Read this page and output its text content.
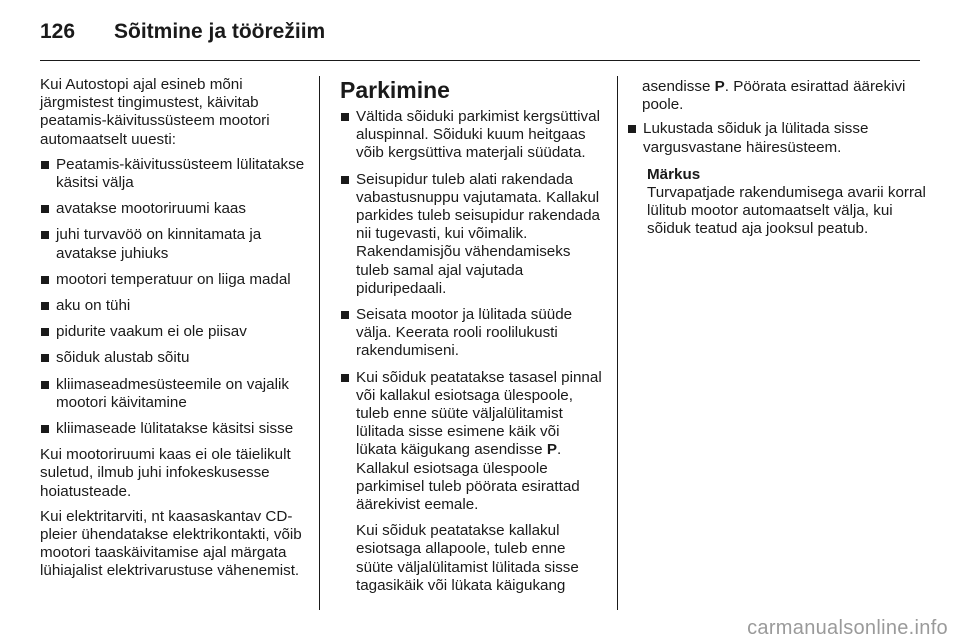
126 Sõitmine ja töörežiim

Kui Autostopi ajal esineb mõni järgmistest tingimustest, käivitab peatamis-käivitussüsteem mootori automaatselt uuesti:

Peatamis-käivitussüsteem lülitatakse käsitsi välja
avatakse mootoriruumi kaas
juhi turvavöö on kinnitamata ja avatakse juhiuks
mootori temperatuur on liiga madal
aku on tühi
pidurite vaakum ei ole piisav
sõiduk alustab sõitu
kliimaseadmesüsteemile on vajalik mootori käivitamine
kliimaseade lülitatakse käsitsi sisse

Kui mootoriruumi kaas ei ole täielikult suletud, ilmub juhi infokeskusesse hoiatusteade.

Kui elektritarviti, nt kaasaskantav CD-pleier ühendatakse elektrikontakti, võib mootori taaskäivitamise ajal märgata lühiajalist elektrivarustuse vähenemist.

Parkimine
Vältida sõiduki parkimist kergsüttival aluspinnal. Sõiduki kuum heitgaas võib kergsüttiva materjali süüdata.
Seisupidur tuleb alati rakendada vabastusnuppu vajutamata. Kallakul parkides tuleb seisupidur rakendada nii tugevasti, kui võimalik. Rakendamisjõu vähendamiseks tuleb samal ajal vajutada piduripedaali.
Seisata mootor ja lülitada süüde välja. Keerata rooli roolilukusti rakendumiseni.
Kui sõiduk peatatakse tasasel pinnal või kallakul esiotsaga ülespoole, tuleb enne süüte väljalülitamist lülitada sisse esimene käik või lükata käigukang asendisse P. Kallakul esiotsaga ülespoole parkimisel tuleb pöörata esirattad äärekivist eemale.

Kui sõiduk peatatakse kallakul esiotsaga allapoole, tuleb enne süüte väljalülitamist lülitada sisse tagasikäik või lükata käigukang

asendisse P. Pöörata esirattad äärekivi poole.

Lukustada sõiduk ja lülitada sisse vargusvastane häiresüsteem.
Märkus
Turvapatjade rakendumisega avarii korral lülitub mootor automaatselt välja, kui sõiduk teatud aja jooksul peatub.
carmanualsonline.info
